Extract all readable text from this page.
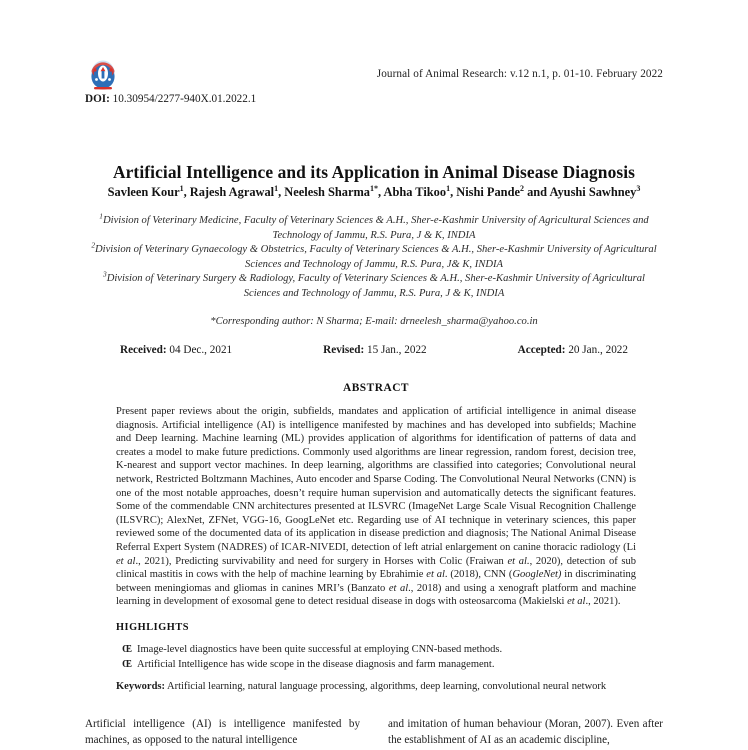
Journal of Animal Research: v.12 n.1, p. 01-10. February 2022
DOI: 10.30954/2277-940X.01.2022.1
Artificial Intelligence and its Application in Animal Disease Diagnosis
Savleen Kour$^1$, Rajesh Agrawal$^1$, Neelesh Sharma$^{1*}$, Abha Tikoo$^1$, Nishi Pande$^2$ and Ayushi Sawhney$^3$

$^1$Division of Veterinary Medicine, Faculty of Veterinary Sciences & A.H., Sher-e-Kashmir University of Agricultural Sciences and Technology of Jammu, R.S. Pura, J & K, INDIA

$^2$Division of Veterinary Gynaecology & Obstetrics, Faculty of Veterinary Sciences & A.H., Sher-e-Kashmir University of Agricultural Sciences and Technology of Jammu, R.S. Pura, J& K, INDIA

$^3$Division of Veterinary Surgery & Radiology, Faculty of Veterinary Sciences & A.H., Sher-e-Kashmir University of Agricultural Sciences and Technology of Jammu, R.S. Pura, J & K, INDIA

*Corresponding author: N Sharma; E-mail: drneelesh_sharma@yahoo.co.in
Received: 04 Dec., 2021	Revised: 15 Jan., 2022	Accepted: 20 Jan., 2022
ABSTRACT
Present paper reviews about the origin, subfields, mandates and application of artificial intelligence in animal disease diagnosis. Artificial intelligence (AI) is intelligence manifested by machines and has developed into subfields; Machine and Deep learning. Machine learning (ML) provides application of algorithms for identification of patterns of data and creates a model to make future predictions. Commonly used algorithms are linear regression, random forest, decision tree, K-nearest and support vector machines. In deep learning, algorithms are classified into categories; Convolutional neural network, Restricted Boltzmann Machines, Auto encoder and Sparse Coding. The Convolutional Neural Networks (CNN) is one of the most notable approaches, doesn’t require human supervision and automatically detects the significant features. Some of the commendable CNN architectures presented at ILSVRC (ImageNet Large Scale Visual Recognition Challenge (ILSVRC); AlexNet, ZFNet, VGG-16, GoogLeNet etc. Regarding use of AI technique in veterinary sciences, this paper reviewed some of the documented data of its application in disease prediction and diagnosis; The National Animal Disease Referral Expert System (NADRES) of ICAR-NIVEDI, detection of left atrial enlargement on canine thoracic radiology (Li et al., 2021), Predicting survivability and need for surgery in Horses with Colic (Fraiwan et al., 2020), detection of sub clinical mastitis in cows with the help of machine learning by Ebrahimie et al. (2018), CNN (GoogleNet) in discriminating between meningiomas and gliomas in canines MRI’s (Banzato et al., 2018) and using a xenograft platform and machine learning in development of exosomal gene to detect residual disease in dogs with osteosarcoma (Makielski et al., 2021).
HIGHLIGHTS
Œ Image-level diagnostics have been quite successful at employing CNN-based methods.
Œ Artificial Intelligence has wide scope in the disease diagnosis and farm management.
Keywords: Artificial learning, natural language processing, algorithms, deep learning, convolutional neural network
Artificial intelligence (AI) is intelligence manifested by machines, as opposed to the natural intelligence
and imitation of human behaviour (Moran, 2007). Even after the establishment of AI as an academic discipline,
